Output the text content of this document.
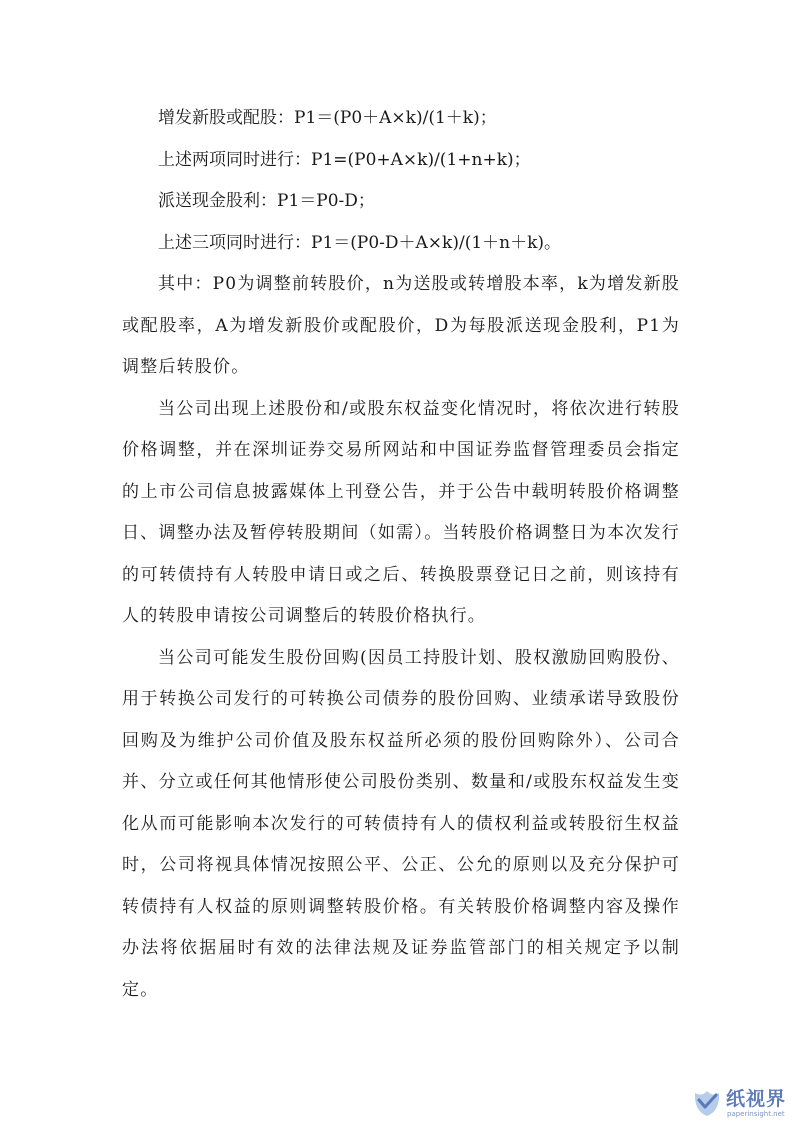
增发新股或配股：P1＝(P0＋A×k)/(1＋k)；
上述两项同时进行：P1=(P0+A×k)/(1+n+k)；
派送现金股利：P1＝P0-D；
上述三项同时进行：P1＝(P0-D＋A×k)/(1＋n＋k)。

其中：P0为调整前转股价，n为送股或转增股本率，k为增发新股或配股率，A为增发新股价或配股价，D为每股派送现金股利，P1为调整后转股价。

当公司出现上述股份和/或股东权益变化情况时，将依次进行转股价格调整，并在深圳证券交易所网站和中国证券监督管理委员会指定的上市公司信息披露媒体上刊登公告，并于公告中载明转股价格调整日、调整办法及暂停转股期间（如需）。当转股价格调整日为本次发行的可转债持有人转股申请日或之后、转换股票登记日之前，则该持有人的转股申请按公司调整后的转股价格执行。

当公司可能发生股份回购(因员工持股计划、股权激励回购股份、用于转换公司发行的可转换公司债券的股份回购、业绩承诺导致股份回购及为维护公司价值及股东权益所必须的股份回购除外）、公司合并、分立或任何其他情形使公司股份类别、数量和/或股东权益发生变化从而可能影响本次发行的可转债持有人的债权利益或转股衍生权益时，公司将视具体情况按照公平、公正、公允的原则以及充分保护可转债持有人权益的原则调整转股价格。有关转股价格调整内容及操作办法将依据届时有效的法律法规及证券监管部门的相关规定予以制定。

纸视界
paperinsight.net
